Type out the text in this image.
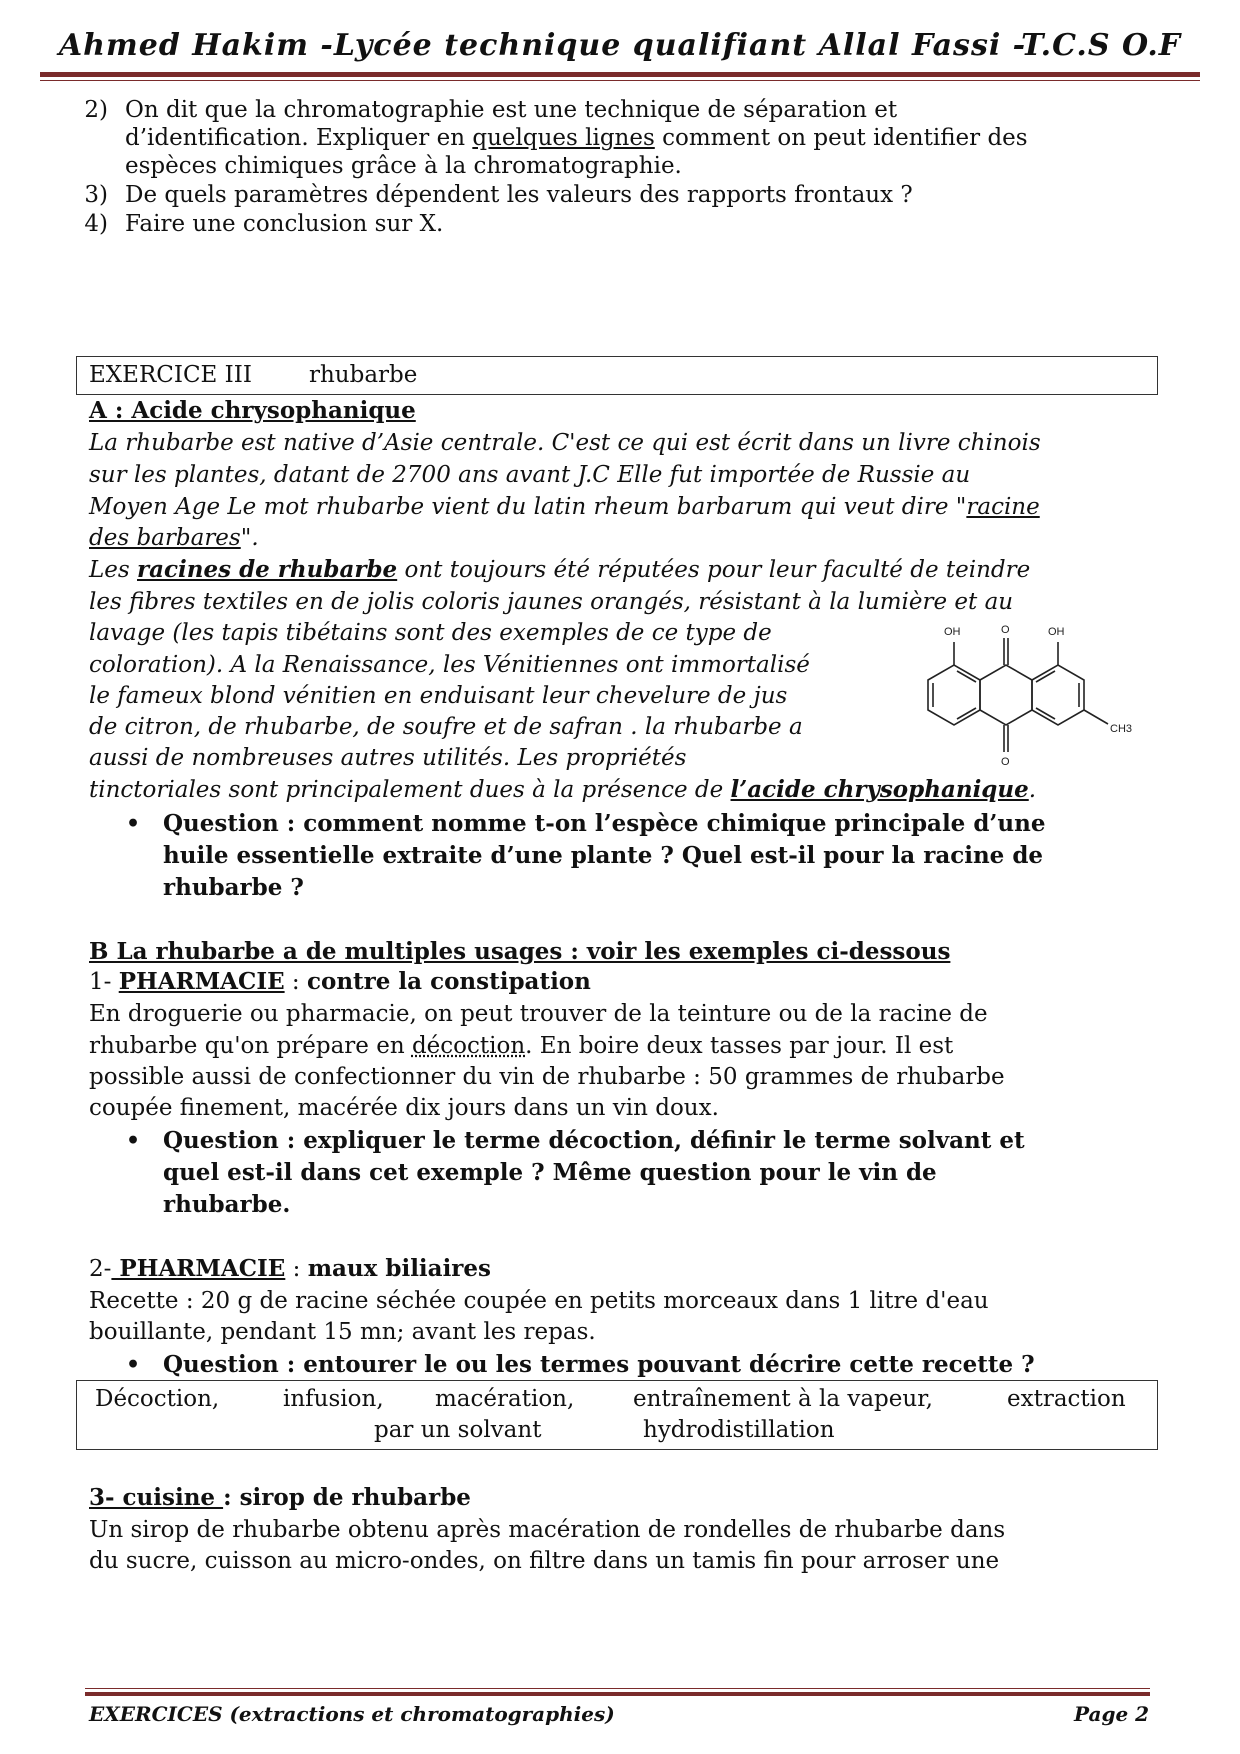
Ahmed Hakim -Lycée technique qualifiant Allal Fassi -T.C.S O.F
2) On dit que la chromatographie est une technique de séparation et
d’identification. Expliquer en quelques lignes comment on peut identifier des
espèces chimiques grâce à la chromatographie.
3) De quels paramètres dépendent les valeurs des rapports frontaux ?
4) Faire une conclusion sur X.
EXERCICE III rhubarbe
A : Acide chrysophanique
La rhubarbe est native d’Asie centrale. C'est ce qui est écrit dans un livre chinois
sur les plantes, datant de 2700 ans avant J.C Elle fut importée de Russie au
Moyen Age Le mot rhubarbe vient du latin rheum barbarum qui veut dire "racine
des barbares".
Les racines de rhubarbe ont toujours été réputées pour leur faculté de teindre
les fibres textiles en de jolis coloris jaunes orangés, résistant à la lumière et au
lavage (les tapis tibétains sont des exemples de ce type de
coloration). A la Renaissance, les Vénitiennes ont immortalisé
le fameux blond vénitien en enduisant leur chevelure de jus
de citron, de rhubarbe, de soufre et de safran . la rhubarbe a
aussi de nombreuses autres utilités. Les propriétés
tinctoriales sont principalement dues à la présence de l’acide chrysophanique.
OH	O	OH
CH3
O
• Question : comment nomme t-on l’espèce chimique principale d’une
huile essentielle extraite d’une plante ? Quel est-il pour la racine de
rhubarbe ?
B La rhubarbe a de multiples usages : voir les exemples ci-dessous
1- PHARMACIE : contre la constipation
En droguerie ou pharmacie, on peut trouver de la teinture ou de la racine de
rhubarbe qu'on prépare en décoction. En boire deux tasses par jour. Il est
possible aussi de confectionner du vin de rhubarbe : 50 grammes de rhubarbe
coupée finement, macérée dix jours dans un vin doux.
• Question : expliquer le terme décoction, définir le terme solvant et
quel est-il dans cet exemple ? Même question pour le vin de
rhubarbe.
2- PHARMACIE : maux biliaires
Recette : 20 g de racine séchée coupée en petits morceaux dans 1 litre d'eau
bouillante, pendant 15 mn; avant les repas.
• Question : entourer le ou les termes pouvant décrire cette recette ?
Décoction,	infusion, macération,	entraînement à la vapeur,	extraction
par un solvant	hydrodistillation
3- cuisine : sirop de rhubarbe
Un sirop de rhubarbe obtenu après macération de rondelles de rhubarbe dans
du sucre, cuisson au micro-ondes, on filtre dans un tamis fin pour arroser une
EXERCICES (extractions et chromatographies)	Page 2
